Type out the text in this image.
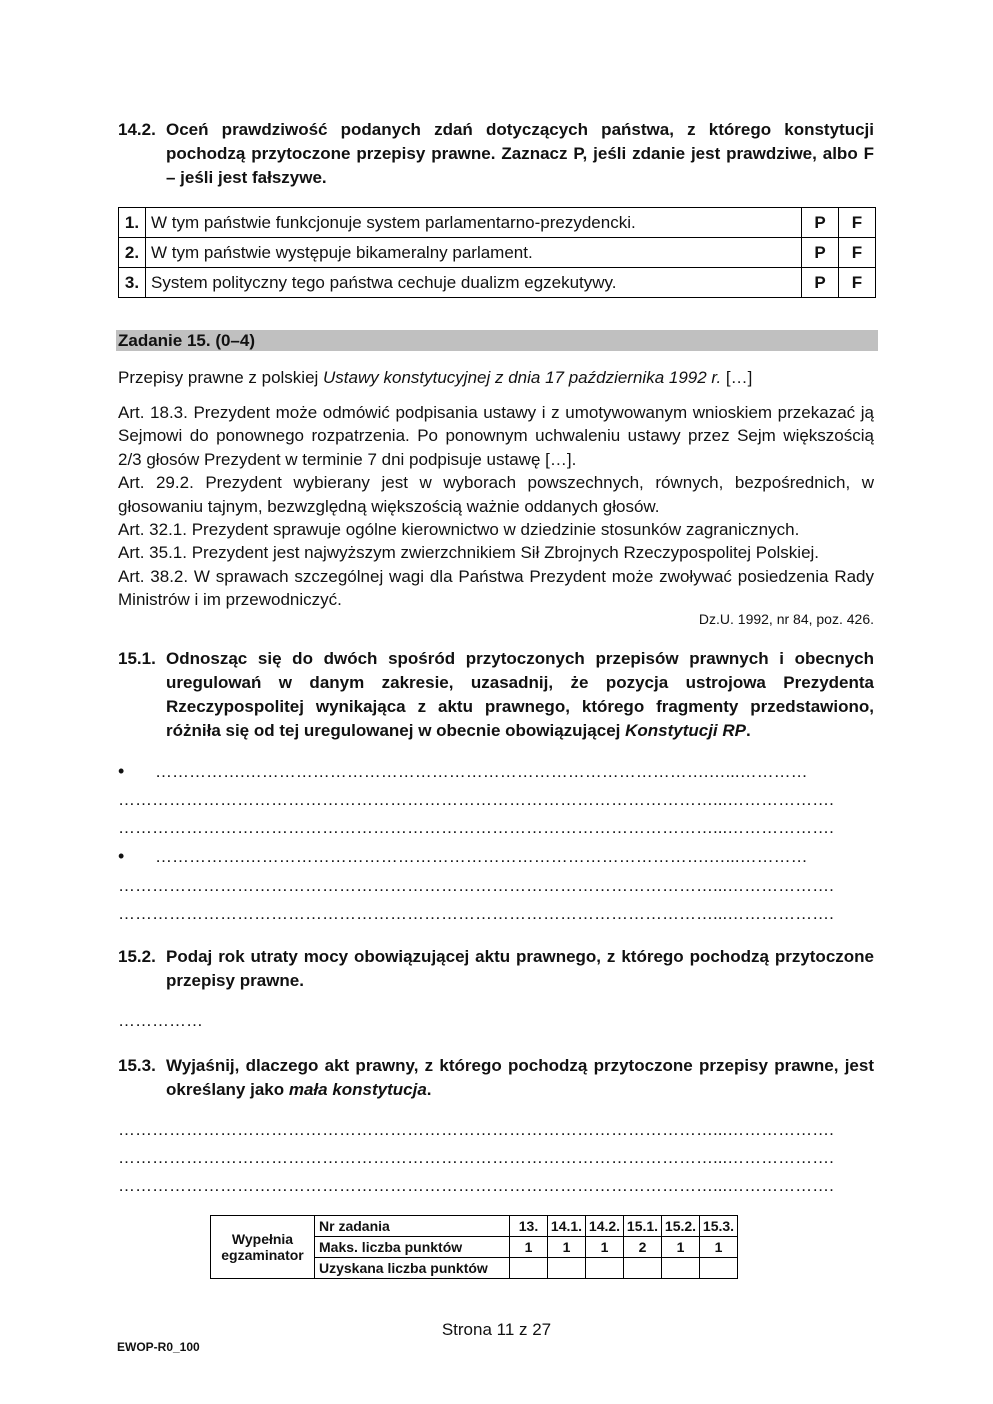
14.2. Oceń prawdziwość podanych zdań dotyczących państwa, z którego konstytucji pochodzą przytoczone przepisy prawne. Zaznacz P, jeśli zdanie jest prawdziwe, albo F – jeśli jest fałszywe.
1.	W tym państwie funkcjonuje system parlamentarno-prezydencki.	P	F
2.	W tym państwie występuje bikameralny parlament.	P	F
3.	System polityczny tego państwa cechuje dualizm egzekutywy.	P	F
Zadanie 15. (0–4)
Przepisy prawne z polskiej Ustawy konstytucyjnej z dnia 17 października 1992 r. […]
Art. 18.3. Prezydent może odmówić podpisania ustawy i z umotywowanym wnioskiem przekazać ją Sejmowi do ponownego rozpatrzenia. Po ponownym uchwaleniu ustawy przez Sejm większością 2/3 głosów Prezydent w terminie 7 dni podpisuje ustawę […].
Art. 29.2. Prezydent wybierany jest w wyborach powszechnych, równych, bezpośrednich, w głosowaniu tajnym, bezwzględną większością ważnie oddanych głosów.
Art. 32.1. Prezydent sprawuje ogólne kierownictwo w dziedzinie stosunków zagranicznych.
Art. 35.1. Prezydent jest najwyższym zwierzchnikiem Sił Zbrojnych Rzeczypospolitej Polskiej.
Art. 38.2. W sprawach szczególnej wagi dla Państwa Prezydent może zwoływać posiedzenia Rady Ministrów i im przewodniczyć.
Dz.U. 1992, nr 84, poz. 426.
15.1. Odnosząc się do dwóch spośród przytoczonych przepisów prawnych i obecnych uregulowań w danym zakresie, uzasadnij, że pozycja ustrojowa Prezydenta Rzeczypospolitej wynikająca z aktu prawnego, którego fragmenty przedstawiono, różniła się od tej uregulowanej w obecnie obowiązującej Konstytucji RP.
• …………….……………………………………………………………………….…...…………
……………………………………………………………………………………………...……………….
……………………………………………………………………………………………...……………….
• …………….……………………………………………………………………….…...…………
……………………………………………………………………………………………...……………….
……………………………………………………………………………………………...……………….
15.2. Podaj rok utraty mocy obowiązującej aktu prawnego, z którego pochodzą przytoczone przepisy prawne.
……………
15.3. Wyjaśnij, dlaczego akt prawny, z którego pochodzą przytoczone przepisy prawne, jest określany jako mała konstytucja.
……………………………………………………………………………………………...……………….
……………………………………………………………………………………………...……………….
……………………………………………………………………………………………...……………….
Wypełnia egzaminator	Nr zadania	13.	14.1.	14.2.	15.1.	15.2.	15.3.
	Maks. liczba punktów	1	1	1	2	1	1
	Uzyskana liczba punktów						
Strona 11 z 27
EWOP-R0_100
